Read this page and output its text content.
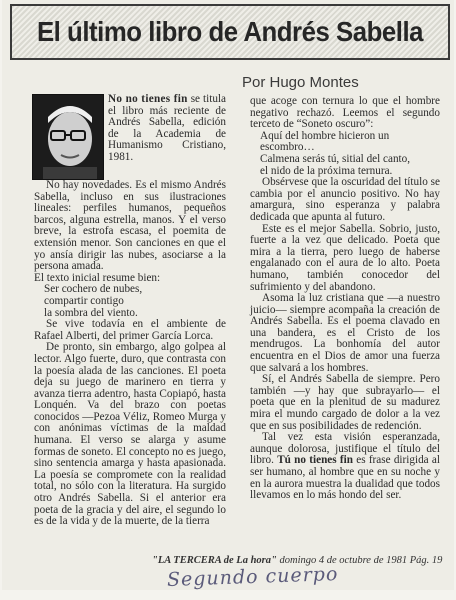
El último libro de Andrés Sabella
Por Hugo Montes

No no tienes fin se titula el libro más reciente de Andrés Sabella, edición de la Academia de Humanismo Cristiano, 1981.

No hay novedades. Es el mismo Andrés Sabella, incluso en sus ilustraciones lineales: perfiles humanos, pequeños barcos, alguna estrella, manos. Y el verso breve, la estrofa escasa, el poemita de extensión menor. Son canciones en que el yo ansía dirigir las nubes, asociarse a la persona amada.

El texto inicial resume bien:

Ser cochero de nubes,

compartir contigo

la sombra del viento.

Se vive todavía en el ambiente de Rafael Alberti, del primer García Lorca.

De pronto, sin embargo, algo golpea al lector. Algo fuerte, duro, que contrasta con la poesía alada de las canciones. El poeta deja su juego de marinero en tierra y avanza tierra adentro, hasta Copiapó, hasta Lonquén. Va del brazo con poetas conocidos —Pezoa Véliz, Romeo Murga y con anónimas víctimas de la maldad humana. El verso se alarga y asume formas de soneto. El concepto no es juego, sino sentencia amarga y hasta apasionada. La poesía se compromete con la realidad total, no sólo con la literatura. Ha surgido otro Andrés Sabella. Si el anterior era poeta de la gracia y del aire, el segundo lo es de la vida y de la muerte, de la tierra

que acoge con ternura lo que el hombre negativo rechazó. Leemos el segundo terceto de “Soneto oscuro”:

Aquí del hombre hicieron un escombro…

Calmena serás tú, sitial del canto,

el nido de la próxima ternura.

Obsérvese que la oscuridad del título se cambia por el anuncio positivo. No hay amargura, sino esperanza y palabra dedicada que apunta al futuro.

Este es el mejor Sabella. Sobrio, justo, fuerte a la vez que delicado. Poeta que mira a la tierra, pero luego de haberse engalanado con el aura de lo alto. Poeta humano, también conocedor del sufrimiento y del abandono.

Asoma la luz cristiana que —a nuestro juicio— siempre acompaña la creación de Andrés Sabella. Es el poema clavado en una bandera, es el Cristo de los mendrugos. La bonhomía del autor encuentra en el Dios de amor una fuerza que salvará a los hombres.

Sí, el Andrés Sabella de siempre. Pero también —y hay que subrayarlo— el poeta que en la plenitud de su madurez mira el mundo cargado de dolor a la vez que en sus posibilidades de redención.

Tal vez esta visión esperanzada, aunque dolorosa, justifique el título del libro. Tú no tienes fin es frase dirigida al ser humano, al hombre que en su noche y en la aurora muestra la dualidad que todos llevamos en lo más hondo del ser.

"LA TERCERA de La hora" domingo 4 de octubre de 1981 Pág. 19
Segundo cuerpo
